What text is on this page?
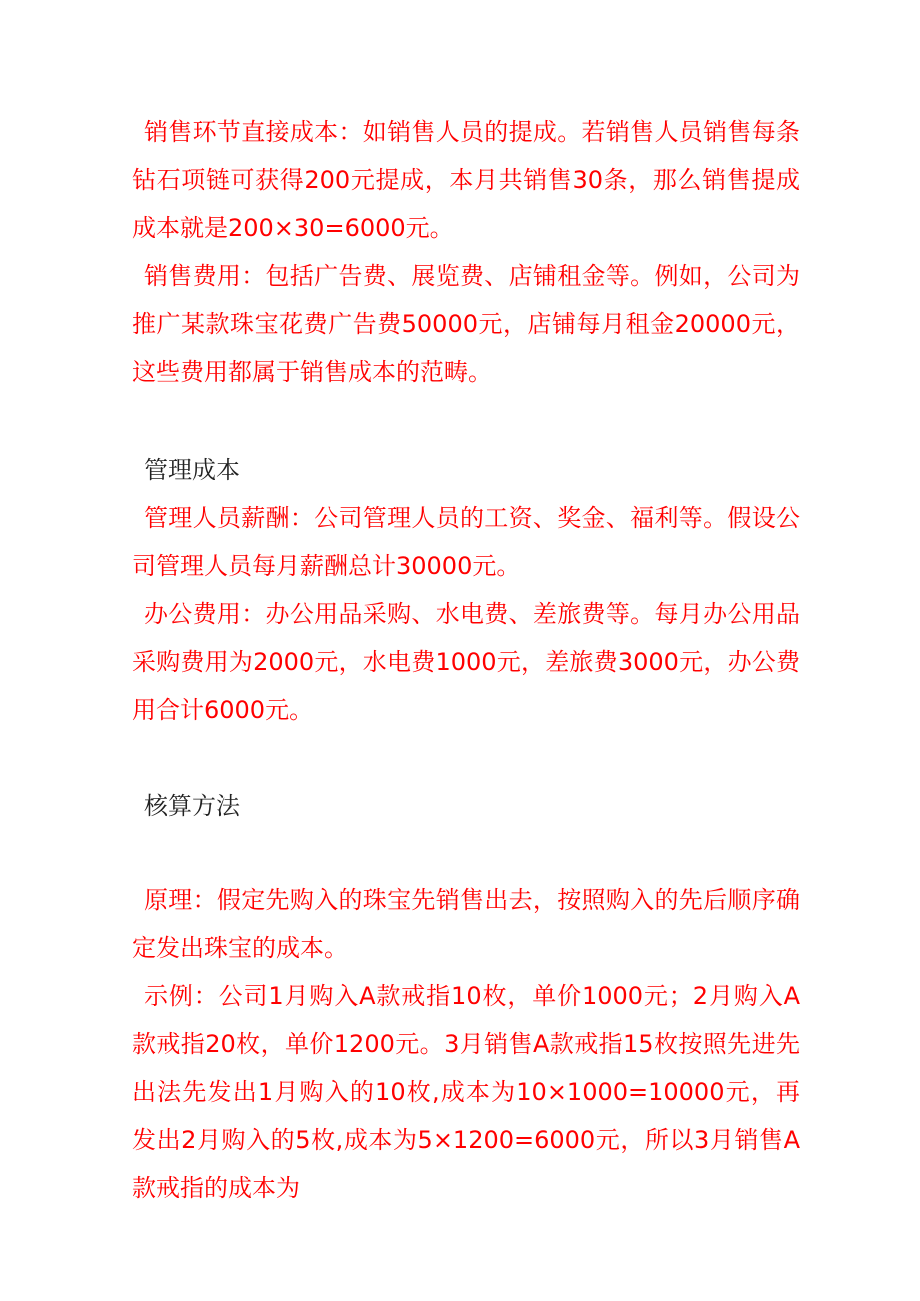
销售环节直接成本：如销售人员的提成。若销售人员销售每条钻石项链可获得200元提成，本月共销售30条，那么销售提成成本就是200×30=6000元。

销售费用：包括广告费、展览费、店铺租金等。例如，公司为推广某款珠宝花费广告费50000元，店铺每月租金20000元，这些费用都属于销售成本的范畴。

管理成本

管理人员薪酬：公司管理人员的工资、奖金、福利等。假设公司管理人员每月薪酬总计30000元。

办公费用：办公用品采购、水电费、差旅费等。每月办公用品采购费用为2000元，水电费1000元，差旅费3000元，办公费用合计6000元。

核算方法

原理：假定先购入的珠宝先销售出去，按照购入的先后顺序确定发出珠宝的成本。

示例：公司1月购入A款戒指10枚，单价1000元；2月购入A款戒指20枚，单价1200元。3月销售A款戒指15枚按照先进先出法先发出1月购入的10枚,成本为10×1000=10000元，再发出2月购入的5枚,成本为5×1200=6000元，所以3月销售A款戒指的成本为
